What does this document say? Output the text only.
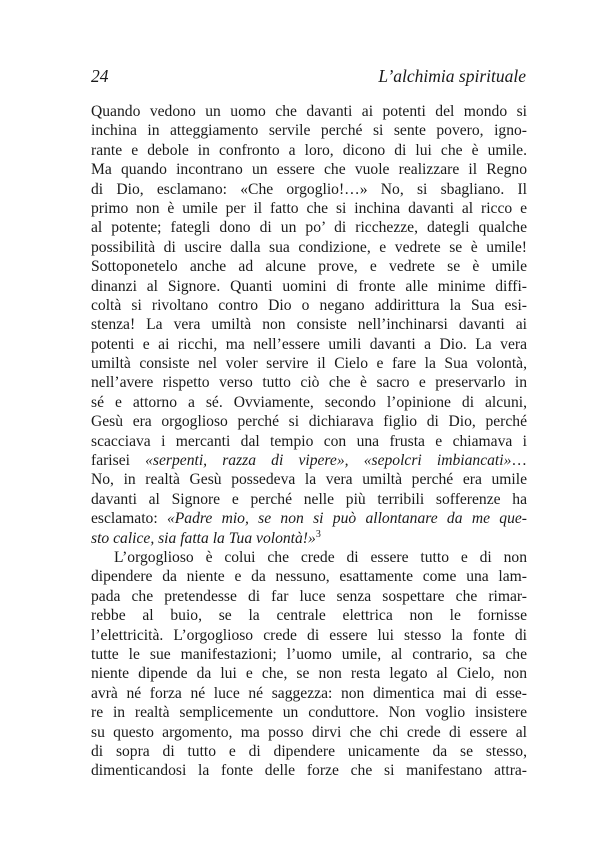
24	L’alchimia spirituale
Quando vedono un uomo che davanti ai potenti del mondo si
inchina in atteggiamento servile perché si sente povero, igno-
rante e debole in confronto a loro, dicono di lui che è umile.
Ma quando incontrano un essere che vuole realizzare il Regno
di Dio, esclamano: «Che orgoglio!…» No, si sbagliano. Il
primo non è umile per il fatto che si inchina davanti al ricco e
al potente; fategli dono di un po’ di ricchezze, dategli qualche
possibilità di uscire dalla sua condizione, e vedrete se è umile!
Sottoponetelo anche ad alcune prove, e vedrete se è umile
dinanzi al Signore. Quanti uomini di fronte alle minime diffi-
coltà si rivoltano contro Dio o negano addirittura la Sua esi-
stenza! La vera umiltà non consiste nell’inchinarsi davanti ai
potenti e ai ricchi, ma nell’essere umili davanti a Dio. La vera
umiltà consiste nel voler servire il Cielo e fare la Sua volontà,
nell’avere rispetto verso tutto ciò che è sacro e preservarlo in
sé e attorno a sé. Ovviamente, secondo l’opinione di alcuni,
Gesù era orgoglioso perché si dichiarava figlio di Dio, perché
scacciava i mercanti dal tempio con una frusta e chiamava i
farisei «serpenti, razza di vipere», «sepolcri imbiancati»…
No, in realtà Gesù possedeva la vera umiltà perché era umile
davanti al Signore e perché nelle più terribili sofferenze ha
esclamato: «Padre mio, se non si può allontanare da me que-
sto calice, sia fatta la Tua volontà!»$^3$
L’orgoglioso è colui che crede di essere tutto e di non
dipendere da niente e da nessuno, esattamente come una lam-
pada che pretendesse di far luce senza sospettare che rimar-
rebbe al buio, se la centrale elettrica non le fornisse
l’elettricità. L’orgoglioso crede di essere lui stesso la fonte di
tutte le sue manifestazioni; l’uomo umile, al contrario, sa che
niente dipende da lui e che, se non resta legato al Cielo, non
avrà né forza né luce né saggezza: non dimentica mai di esse-
re in realtà semplicemente un conduttore. Non voglio insistere
su questo argomento, ma posso dirvi che chi crede di essere al
di sopra di tutto e di dipendere unicamente da se stesso,
dimenticandosi la fonte delle forze che si manifestano attra-
